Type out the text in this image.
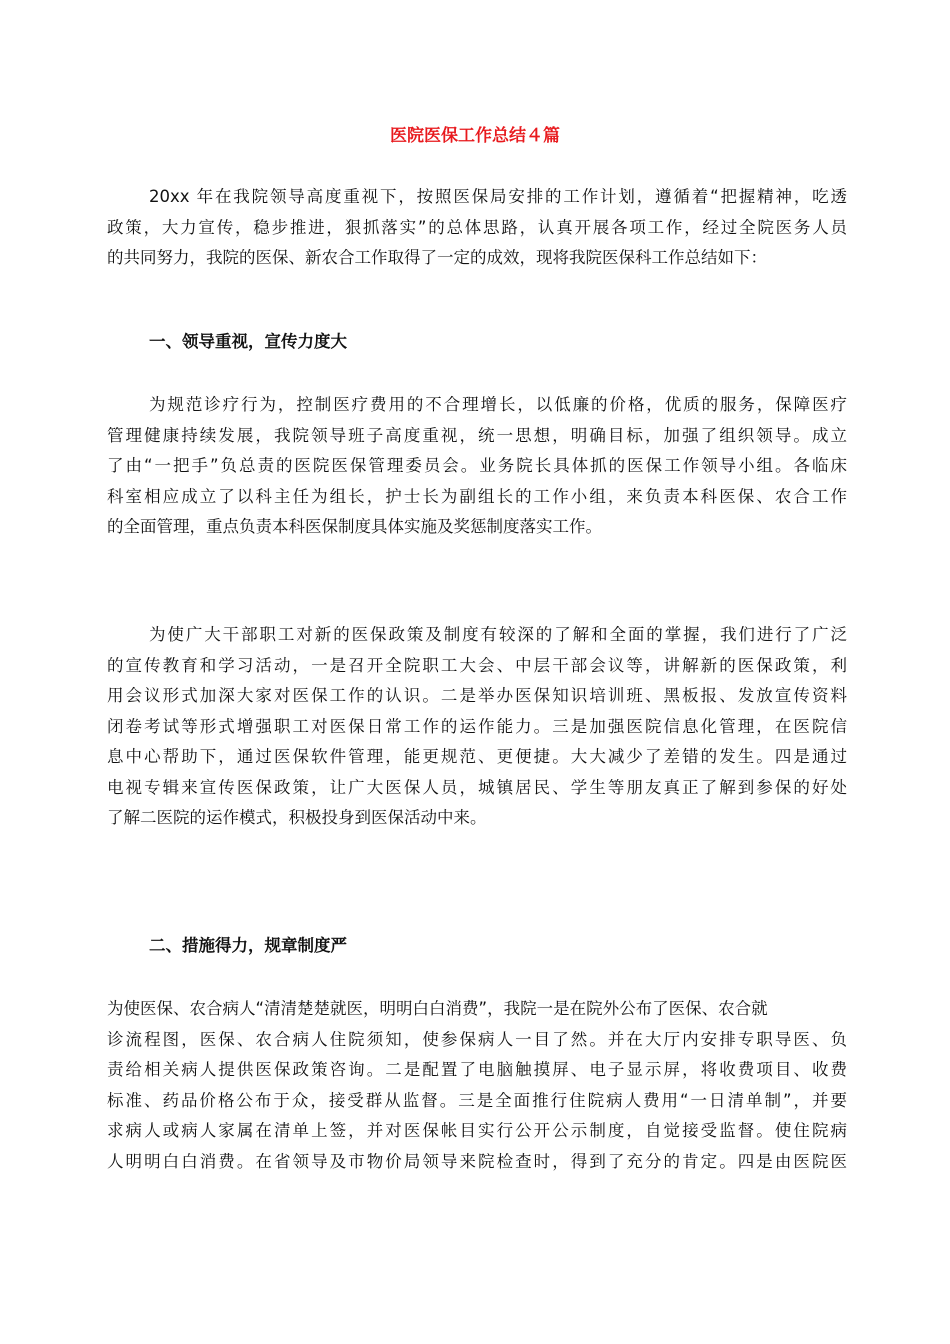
医院医保工作总结４篇
20xx 年在我院领导高度重视下，按照医保局安排的工作计划，遵循着“把握精神，吃透
政策，大力宣传，稳步推进，狠抓落实”的总体思路，认真开展各项工作，经过全院医务人员
的共同努力，我院的医保、新农合工作取得了一定的成效，现将我院医保科工作总结如下：
一、领导重视，宣传力度大
为规范诊疗行为，控制医疗费用的不合理增长，以低廉的价格，优质的服务，保障医疗
管理健康持续发展，我院领导班子高度重视，统一思想，明确目标，加强了组织领导。成立
了由“一把手”负总责的医院医保管理委员会。业务院长具体抓的医保工作领导小组。各临床
科室相应成立了以科主任为组长，护士长为副组长的工作小组，来负责本科医保、农合工作
的全面管理，重点负责本科医保制度具体实施及奖惩制度落实工作。
为使广大干部职工对新的医保政策及制度有较深的了解和全面的掌握，我们进行了广泛
的宣传教育和学习活动，一是召开全院职工大会、中层干部会议等，讲解新的医保政策，利
用会议形式加深大家对医保工作的认识。二是举办医保知识培训班、黑板报、发放宣传资料
闭卷考试等形式增强职工对医保日常工作的运作能力。三是加强医院信息化管理，在医院信
息中心帮助下，通过医保软件管理，能更规范、更便捷。大大减少了差错的发生。四是通过
电视专辑来宣传医保政策，让广大医保人员，城镇居民、学生等朋友真正了解到参保的好处
了解二医院的运作模式，积极投身到医保活动中来。
二、措施得力，规章制度严
为使医保、农合病人“清清楚楚就医，明明白白消费”，我院一是在院外公布了医保、农合就
诊流程图，医保、农合病人住院须知，使参保病人一目了然。并在大厅内安排专职导医、负
责给相关病人提供医保政策咨询。二是配置了电脑触摸屏、电子显示屏，将收费项目、收费
标准、药品价格公布于众，接受群从监督。三是全面推行住院病人费用“一日清单制”，并要
求病人或病人家属在清单上签，并对医保帐目实行公开公示制度，自觉接受监督。使住院病
人明明白白消费。在省领导及市物价局领导来院检查时，得到了充分的肯定。四是由医院医
